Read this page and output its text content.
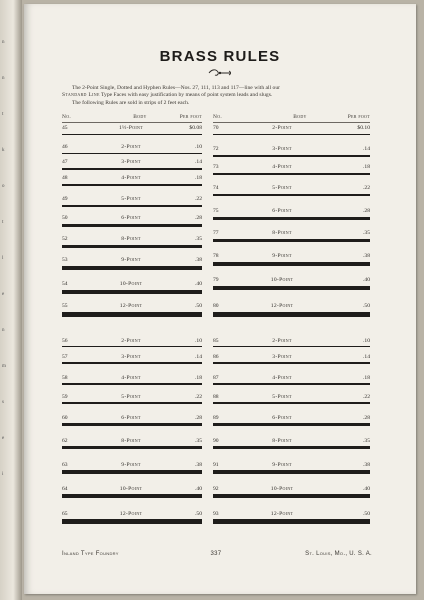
n
n
t
k
o
t
l
e
n
m
s
e
i
BRASS RULES

The 2-Point Single, Dotted and Hyphen Rules—Nos. 27, 111, 113 and 117—line with all our

Standard Line Type Faces with easy justification by means of point system leads and slugs.

The following Rules are sold in strips of 2 feet each.

No.	Body	Per foot No.	Body	Per foot
45	1½-Point	$0.08
46	2-Point	.10
47	3-Point	.14
48	4-Point	.18
49	5-Point	.22
50	6-Point	.28
52	8-Point	.35
53	9-Point	.38
54	10-Point	.40
55	12-Point	.50
70	2-Point	$0.10
72	3-Point	.14
73	4-Point	.18
74	5-Point	.22
75	6-Point	.28
77	8-Point	.35
78	9-Point	.38
79	10-Point	.40
80	12-Point	.50
56	2-Point	.10
57	3-Point	.14
58	4-Point	.18
59	5-Point	.22
60	6-Point	.28
62	8-Point	.35
63	9-Point	.38
64	10-Point	.40
65	12-Point	.50
85	2-Point	.10
86	3-Point	.14
87	4-Point	.18
88	5-Point	.22
89	6-Point	.28
90	8-Point	.35
91	9-Point	.38
92	10-Point	.40
93	12-Point	.50
Inland Type Foundry	337	St. Louis, Mo., U. S. A.
